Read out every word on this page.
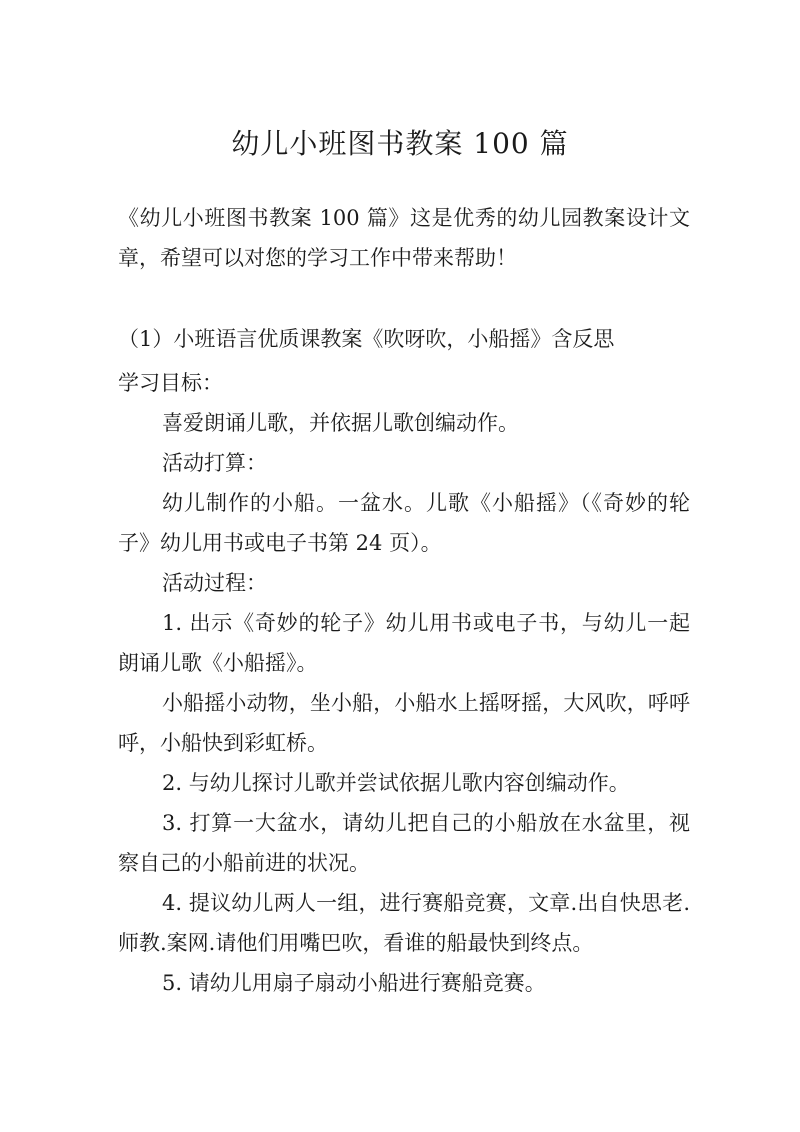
幼儿小班图书教案 100 篇

《幼儿小班图书教案 100 篇》这是优秀的幼儿园教案设计文章，希望可以对您的学习工作中带来帮助！

（1）小班语言优质课教案《吹呀吹，小船摇》含反思

学习目标：

喜爱朗诵儿歌，并依据儿歌创编动作。

活动打算：

幼儿制作的小船。一盆水。儿歌《小船摇》（《奇妙的轮子》幼儿用书或电子书第 24 页）。

活动过程：

1. 出示《奇妙的轮子》幼儿用书或电子书，与幼儿一起朗诵儿歌《小船摇》。

小船摇小动物，坐小船，小船水上摇呀摇，大风吹，呼呼呼，小船快到彩虹桥。

2. 与幼儿探讨儿歌并尝试依据儿歌内容创编动作。

3. 打算一大盆水，请幼儿把自己的小船放在水盆里，视察自己的小船前进的状况。

4. 提议幼儿两人一组，进行赛船竞赛，文章.出自快思老.师教.案网.请他们用嘴巴吹，看谁的船最快到终点。

5. 请幼儿用扇子扇动小船进行赛船竞赛。
